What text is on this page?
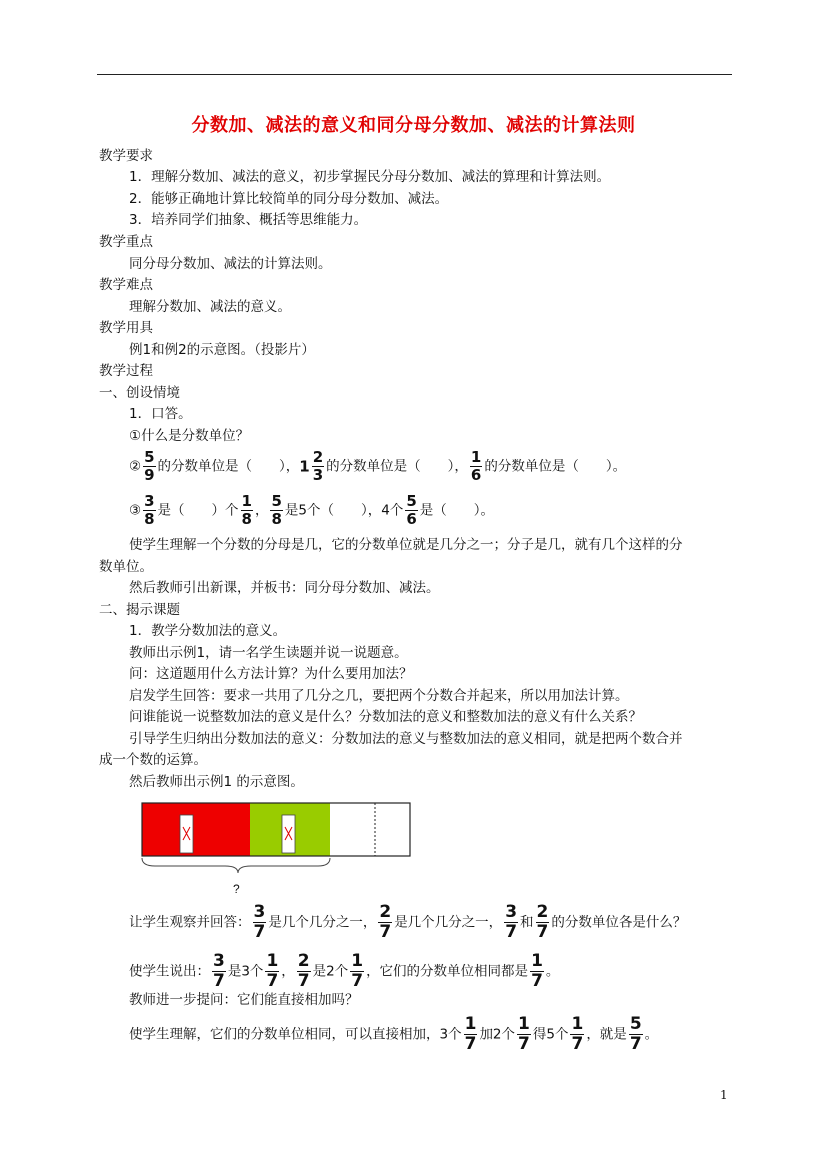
分数加、减法的意义和同分母分数加、减法的计算法则
教学要求
1．理解分数加、减法的意义，初步掌握民分母分数加、减法的算理和计算法则。
2．能够正确地计算比较简单的同分母分数加、减法。
3．培养同学们抽象、概括等思维能力。
教学重点
同分母分数加、减法的计算法则。
教学难点
理解分数加、减法的意义。
教学用具
例1和例2的示意图。（投影片）
教学过程
一、创设情境
1．口答。
①什么是分数单位？
② $\frac{5}{9}$ 的分数单位是（　　），$1 \frac{2}{3}$ 的分数单位是（　　）， $\frac{1}{6}$ 的分数单位是（　　）。
③ $\frac{3}{8}$ 是（　　）个 $\frac{1}{8}$ ， $\frac{5}{8}$ 是5个（　　），4个 $\frac{5}{6}$ 是（　　）。
使学生理解一个分数的分母是几，它的分数单位就是几分之一；分子是几，就有几个这样的分
数单位。
然后教师引出新课，并板书：同分母分数加、减法。
二、揭示课题
1．教学分数加法的意义。
教师出示例1，请一名学生读题并说一说题意。
问：这道题用什么方法计算？为什么要用加法？
启发学生回答：要求一共用了几分之几，要把两个分数合并起来，所以用加法计算。
问谁能说一说整数加法的意义是什么？分数加法的意义和整数加法的意义有什么关系？
引导学生归纳出分数加法的意义：分数加法的意义与整数加法的意义相同，就是把两个数合并
成一个数的运算。
然后教师出示例1 的示意图。
?
让学生观察并回答： $\frac{3}{7}$ 是几个几分之一， $\frac{2}{7}$ 是几个几分之一， $\frac{3}{7}$ 和 $\frac{2}{7}$ 的分数单位各是什么？
使学生说出： $\frac{3}{7}$ 是3个 $\frac{1}{7}$ ， $\frac{2}{7}$ 是2个 $\frac{1}{7}$ ，它们的分数单位相同都是 $\frac{1}{7}$ 。
教师进一步提问：它们能直接相加吗？
使学生理解，它们的分数单位相同，可以直接相加，3个 $\frac{1}{7}$ 加2个 $\frac{1}{7}$ 得5个 $\frac{1}{7}$ ，就是 $\frac{5}{7}$ 。
1
